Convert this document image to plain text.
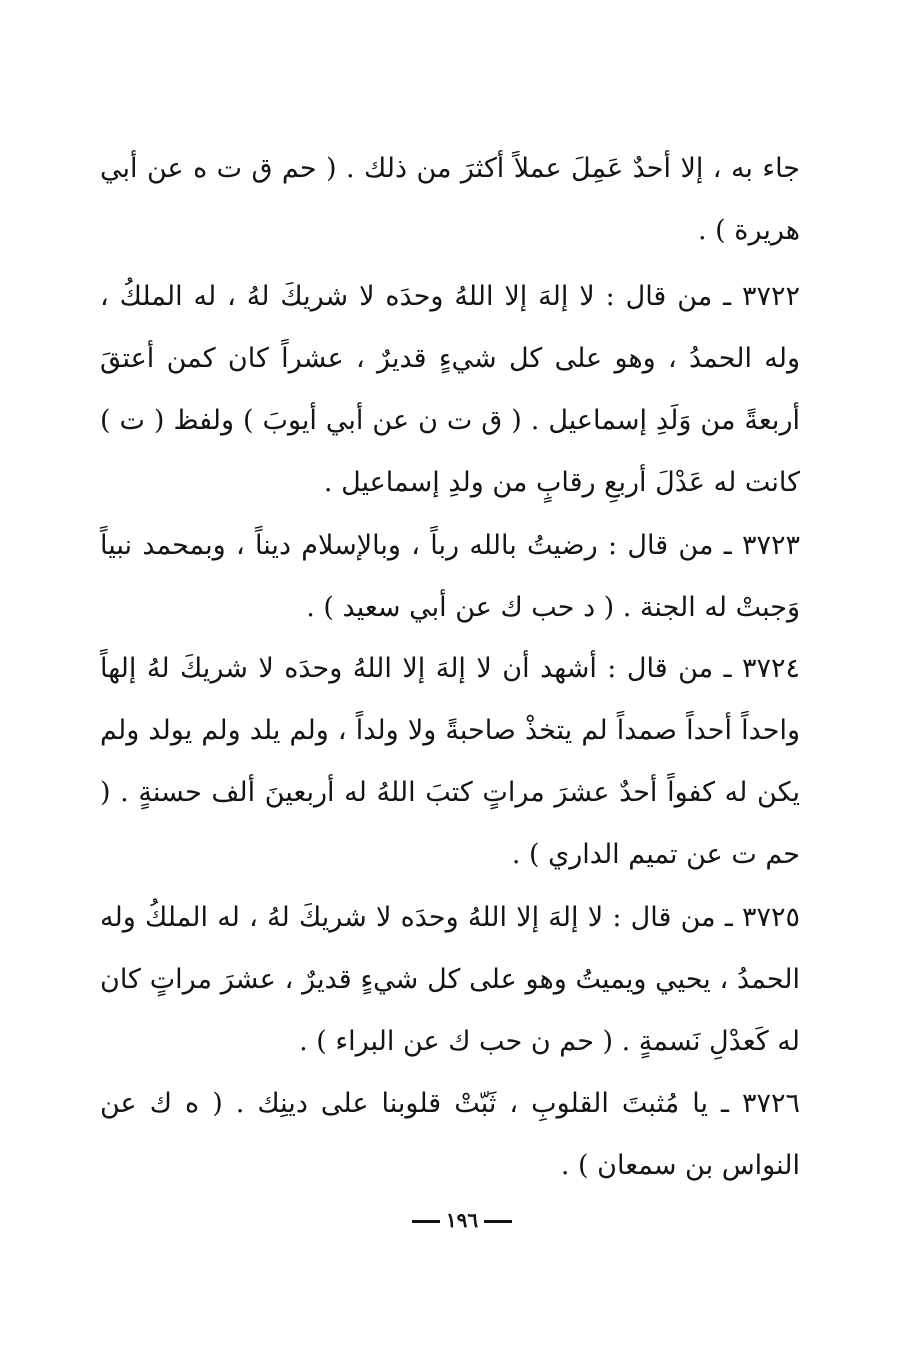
جاء به ، إلا أحدٌ عَمِلَ عملاً أكثرَ من ذلك . ( حم ق ت ه عن أبي هريرة ) .
٣٧٢٢ ـ من قال : لا إلهَ إلا اللهُ وحدَه لا شريكَ لهُ ، له الملكُ ، وله الحمدُ ، وهو على كل شيءٍ قديرٌ ، عشراً كان كمن أعتقَ أربعةً من وَلَدِ إسماعيل . ( ق ت ن عن أبي أيوبَ ) ولفظ ( ت ) كانت له عَدْلَ أربعِ رقابٍ من ولدِ إسماعيل .
٣٧٢٣ ـ من قال : رضيتُ بالله رباً ، وبالإسلام ديناً ، وبمحمد نبياً وَجبتْ له الجنة . ( د حب ك عن أبي سعيد ) .
٣٧٢٤ ـ من قال : أشهد أن لا إلهَ إلا اللهُ وحدَه لا شريكَ لهُ إلهاً واحداً أحداً صمداً لم يتخذْ صاحبةً ولا ولداً ، ولم يلد ولم يولد ولم يكن له كفواً أحدٌ عشرَ مراتٍ كتبَ اللهُ له أربعينَ ألف حسنةٍ . ( حم ت عن تميم الداري ) .
٣٧٢٥ ـ من قال : لا إلهَ إلا اللهُ وحدَه لا شريكَ لهُ ، له الملكُ وله الحمدُ ، يحيي ويميتُ وهو على كل شيءٍ قديرٌ ، عشرَ مراتٍ كان له كَعدْلِ نَسمةٍ . ( حم ن حب ك عن البراء ) .
٣٧٢٦ ـ يا مُثبتَ القلوبِ ، ثَبّتْ قلوبنا على دينِك . ( ه ك عن النواس بن سمعان ) .
١٩٦
